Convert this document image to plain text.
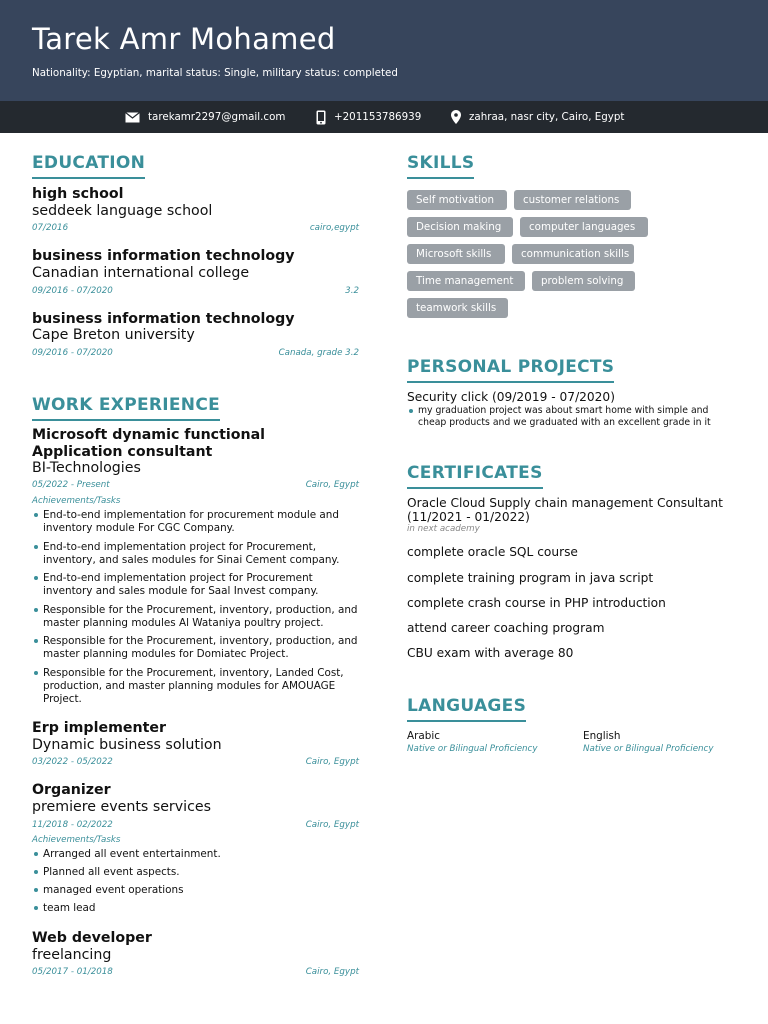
Tarek Amr Mohamed
Nationality: Egyptian, marital status: Single, military status: completed
tarekamr2297@gmail.com	+201153786939	zahraa, nasr city, Cairo, Egypt
EDUCATION
high school
seddeek language school
07/2016	cairo,egypt
business information technology
Canadian international college
09/2016 - 07/2020	3.2
business information technology
Cape Breton university
09/2016 - 07/2020	Canada, grade 3.2
WORK EXPERIENCE
Microsoft dynamic functional Application consultant
BI-Technologies
05/2022 - Present	Cairo, Egypt
Achievements/Tasks
End-to-end implementation for procurement module and inventory module For CGC Company.
End-to-end implementation project for Procurement, inventory, and sales modules for Sinai Cement company.
End-to-end implementation project for Procurement inventory and sales module for Saal Invest company.
Responsible for the Procurement, inventory, production, and master planning modules Al Wataniya poultry project.
Responsible for the Procurement, inventory, production, and master planning modules for Domiatec Project.
Responsible for the Procurement, inventory, Landed Cost, production, and master planning modules for AMOUAGE Project.
Erp implementer
Dynamic business solution
03/2022 - 05/2022	Cairo, Egypt
Organizer
premiere events services
11/2018 - 02/2022	Cairo, Egypt
Achievements/Tasks
Arranged all event entertainment.
Planned all event aspects.
managed event operations
team lead
Web developer
freelancing
05/2017 - 01/2018	Cairo, Egypt
SKILLS
Self motivation	customer relations
Decision making	computer languages
Microsoft skills	communication skills
Time management	problem solving
teamwork skills
PERSONAL PROJECTS
Security click (09/2019 - 07/2020)
my graduation project was about smart home with simple and cheap products and we graduated with an excellent grade in it
CERTIFICATES
Oracle Cloud Supply chain management Consultant (11/2021 - 01/2022)
in next academy
complete oracle SQL course
complete training program in java script
complete crash course in PHP introduction
attend career coaching program
CBU exam with average 80
LANGUAGES
Arabic
Native or Bilingual Proficiency
English
Native or Bilingual Proficiency
